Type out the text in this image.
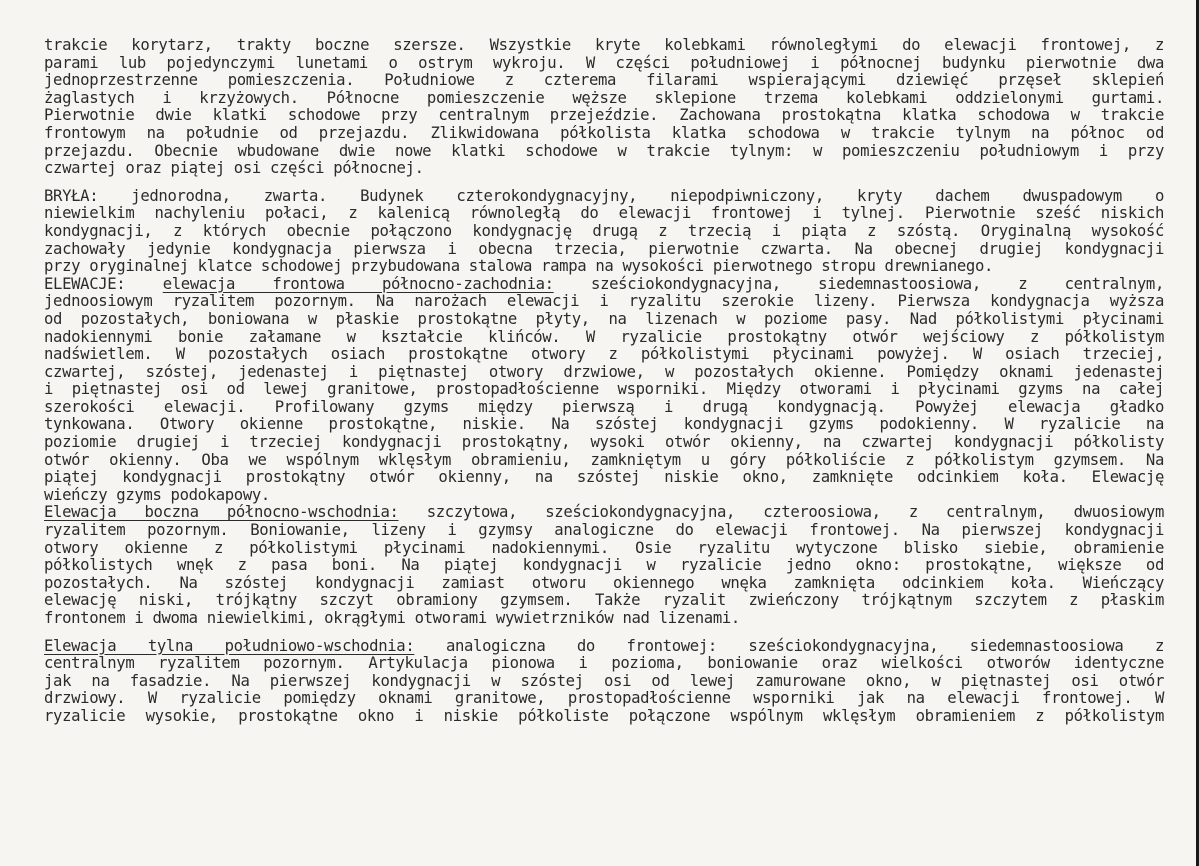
trakcie korytarz, trakty boczne szersze. Wszystkie kryte kolebkami równoległymi do elewacji frontowej, z
parami lub pojedynczymi lunetami o ostrym wykroju. W części południowej i północnej budynku pierwotnie dwa
jednoprzestrzenne pomieszczenia. Południowe z czterema filarami wspierającymi dziewięć przęseł sklepień
żaglastych i krzyżowych. Północne pomieszczenie węższe sklepione trzema kolebkami oddzielonymi gurtami.
Pierwotnie dwie klatki schodowe przy centralnym przejeździe. Zachowana prostokątna klatka schodowa w trakcie
frontowym na południe od przejazdu. Zlikwidowana półkolista klatka schodowa w trakcie tylnym na północ od
przejazdu. Obecnie wbudowane dwie nowe klatki schodowe w trakcie tylnym: w pomieszczeniu południowym i przy
czwartej oraz piątej osi części północnej.
BRYŁA: jednorodna, zwarta. Budynek czterokondygnacyjny, niepodpiwniczony, kryty dachem dwuspadowym o
niewielkim nachyleniu połaci, z kalenicą równoległą do elewacji frontowej i tylnej. Pierwotnie sześć niskich
kondygnacji, z których obecnie połączono kondygnację drugą z trzecią i piąta z szóstą. Oryginalną wysokość
zachowały jedynie kondygnacja pierwsza i obecna trzecia, pierwotnie czwarta. Na obecnej drugiej kondygnacji
przy oryginalnej klatce schodowej przybudowana stalowa rampa na wysokości pierwotnego stropu drewnianego.
ELEWACJE: elewacja frontowa północno-zachodnia: sześciokondygnacyjna, siedemnastoosiowa, z centralnym,
jednoosiowym ryzalitem pozornym. Na narożach elewacji i ryzalitu szerokie lizeny. Pierwsza kondygnacja wyższa
od pozostałych, boniowana w płaskie prostokątne płyty, na lizenach w poziome pasy. Nad półkolistymi płycinami
nadokiennymi bonie załamane w kształcie klińców. W ryzalicie prostokątny otwór wejściowy z półkolistym
nadświetlem. W pozostałych osiach prostokątne otwory z półkolistymi płycinami powyżej. W osiach trzeciej,
czwartej, szóstej, jedenastej i piętnastej otwory drzwiowe, w pozostałych okienne. Pomiędzy oknami jedenastej
i piętnastej osi od lewej granitowe, prostopadłościenne wsporniki. Między otworami i płycinami gzyms na całej
szerokości elewacji. Profilowany gzyms między pierwszą i drugą kondygnacją. Powyżej elewacja gładko
tynkowana. Otwory okienne prostokątne, niskie. Na szóstej kondygnacji gzyms podokienny. W ryzalicie na
poziomie drugiej i trzeciej kondygnacji prostokątny, wysoki otwór okienny, na czwartej kondygnacji półkolisty
otwór okienny. Oba we wspólnym wklęsłym obramieniu, zamkniętym u góry półkoliście z półkolistym gzymsem. Na
piątej kondygnacji prostokątny otwór okienny, na szóstej niskie okno, zamknięte odcinkiem koła. Elewację
wieńczy gzyms podokapowy.
Elewacja boczna północno-wschodnia: szczytowa, sześciokondygnacyjna, czteroosiowa, z centralnym, dwuosiowym
ryzalitem pozornym. Boniowanie, lizeny i gzymsy analogiczne do elewacji frontowej. Na pierwszej kondygnacji
otwory okienne z półkolistymi płycinami nadokiennymi. Osie ryzalitu wytyczone blisko siebie, obramienie
półkolistych wnęk z pasa boni. Na piątej kondygnacji w ryzalicie jedno okno: prostokątne, większe od
pozostałych. Na szóstej kondygnacji zamiast otworu okiennego wnęka zamknięta odcinkiem koła. Wieńczący
elewację niski, trójkątny szczyt obramiony gzymsem. Także ryzalit zwieńczony trójkątnym szczytem z płaskim
frontonem i dwoma niewielkimi, okrągłymi otworami wywietrzników nad lizenami.
Elewacja tylna południowo-wschodnia: analogiczna do frontowej: sześciokondygnacyjna, siedemnastoosiowa z
centralnym ryzalitem pozornym. Artykulacja pionowa i pozioma, boniowanie oraz wielkości otworów identyczne
jak na fasadzie. Na pierwszej kondygnacji w szóstej osi od lewej zamurowane okno, w piętnastej osi otwór
drzwiowy. W ryzalicie pomiędzy oknami granitowe, prostopadłościenne wsporniki jak na elewacji frontowej. W
ryzalicie wysokie, prostokątne okno i niskie półkoliste połączone wspólnym wklęsłym obramieniem z półkolistym
